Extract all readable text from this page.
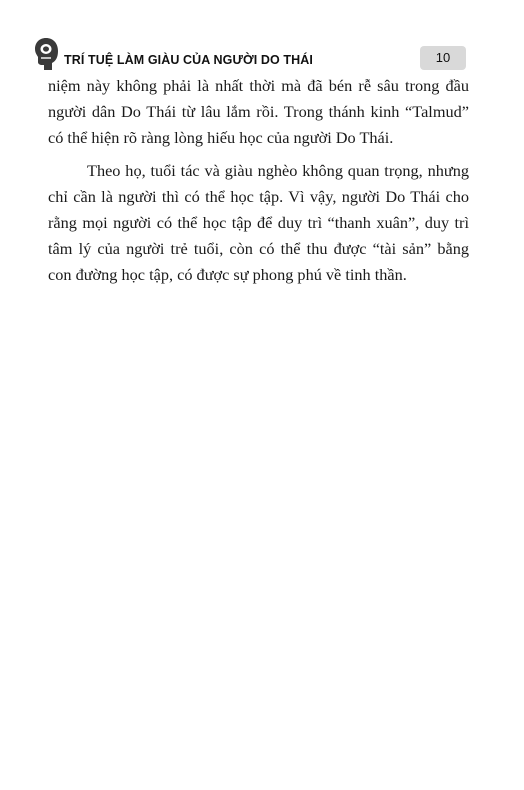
TRÍ TUỆ LÀM GIÀU CỦA NGƯỜI DO THÁI	10

niệm này không phải là nhất thời mà đã bén rễ sâu trong đầu người dân Do Thái từ lâu lắm rồi. Trong thánh kinh “Talmud” có thể hiện rõ ràng lòng hiếu học của người Do Thái.

Theo họ, tuổi tác và giàu nghèo không quan trọng, nhưng chỉ cần là người thì có thể học tập. Vì vậy, người Do Thái cho rằng mọi người có thể học tập để duy trì “thanh xuân”, duy trì tâm lý của người trẻ tuổi, còn có thể thu được “tài sản” bằng con đường học tập, có được sự phong phú về tinh thần.
